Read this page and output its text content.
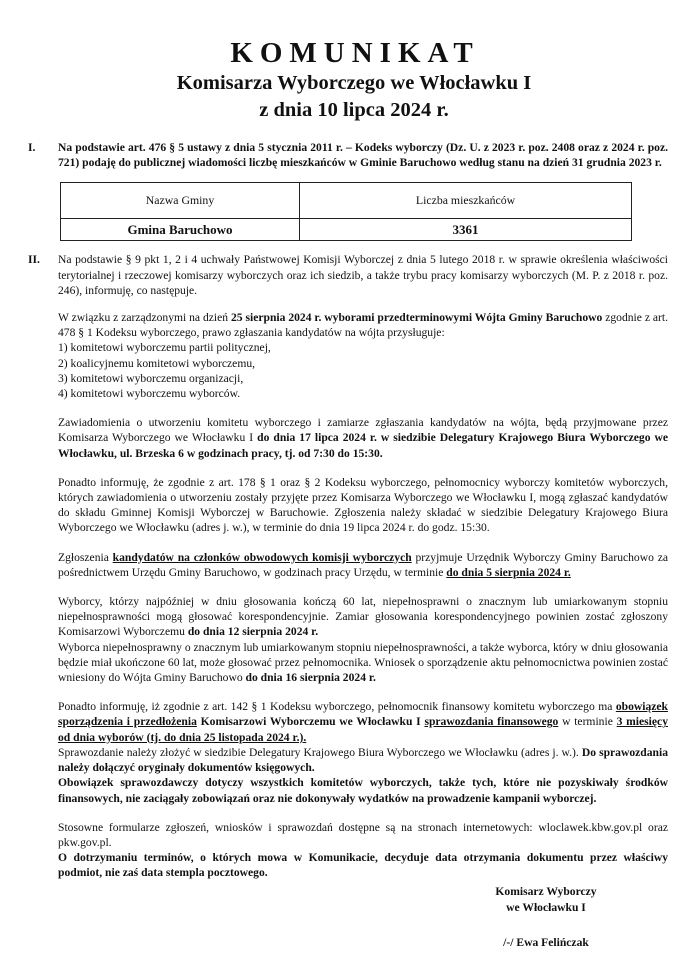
KOMUNIKAT

Komisarza Wyborczego we Włocławku I

z dnia 10 lipca 2024 r.

I.	Na podstawie art. 476 § 5 ustawy z dnia 5 stycznia 2011 r. – Kodeks wyborczy (Dz. U. z 2023 r. poz. 2408 oraz z 2024 r. poz. 721) podaję do publicznej wiadomości liczbę mieszkańców w Gminie Baruchowo według stanu na dzień 31 grudnia 2023 r.
Nazwa Gminy	Liczba mieszkańców
Gmina Baruchowo	3361
II.	Na podstawie § 9 pkt 1, 2 i 4 uchwały Państwowej Komisji Wyborczej z dnia 5 lutego 2018 r. w sprawie określenia właściwości terytorialnej i rzeczowej komisarzy wyborczych oraz ich siedzib, a także trybu pracy komisarzy wyborczych (M. P. z 2018 r. poz. 246), informuję, co następuje.

W związku z zarządzonymi na dzień 25 sierpnia 2024 r. wyborami przedterminowymi Wójta Gminy Baruchowo zgodnie z art. 478 § 1 Kodeksu wyborczego, prawo zgłaszania kandydatów na wójta przysługuje:

1) komitetowi wyborczemu partii politycznej,

2) koalicyjnemu komitetowi wyborczemu,

3) komitetowi wyborczemu organizacji,

4) komitetowi wyborczemu wyborców.

Zawiadomienia o utworzeniu komitetu wyborczego i zamiarze zgłaszania kandydatów na wójta, będą przyjmowane przez Komisarza Wyborczego we Włocławku I do dnia 17 lipca 2024 r. w siedzibie Delegatury Krajowego Biura Wyborczego we Włocławku, ul. Brzeska 6 w godzinach pracy, tj. od 7:30 do 15:30.

Ponadto informuję, że zgodnie z art. 178 § 1 oraz § 2 Kodeksu wyborczego, pełnomocnicy wyborczy komitetów wyborczych, których zawiadomienia o utworzeniu zostały przyjęte przez Komisarza Wyborczego we Włocławku I, mogą zgłaszać kandydatów do składu Gminnej Komisji Wyborczej w Baruchowie. Zgłoszenia należy składać w siedzibie Delegatury Krajowego Biura Wyborczego we Włocławku (adres j. w.), w terminie do dnia 19 lipca 2024 r. do godz. 15:30.

Zgłoszenia kandydatów na członków obwodowych komisji wyborczych przyjmuje Urzędnik Wyborczy Gminy Baruchowo za pośrednictwem Urzędu Gminy Baruchowo, w godzinach pracy Urzędu, w terminie do dnia 5 sierpnia 2024 r.

Wyborcy, którzy najpóźniej w dniu głosowania kończą 60 lat, niepełnosprawni o znacznym lub umiarkowanym stopniu niepełnosprawności mogą głosować korespondencyjnie. Zamiar głosowania korespondencyjnego powinien zostać zgłoszony Komisarzowi Wyborczemu do dnia 12 sierpnia 2024 r.

Wyborca niepełnosprawny o znacznym lub umiarkowanym stopniu niepełnosprawności, a także wyborca, który w dniu głosowania będzie miał ukończone 60 lat, może głosować przez pełnomocnika. Wniosek o sporządzenie aktu pełnomocnictwa powinien zostać wniesiony do Wójta Gminy Baruchowo do dnia 16 sierpnia 2024 r.

Ponadto informuję, iż zgodnie z art. 142 § 1 Kodeksu wyborczego, pełnomocnik finansowy komitetu wyborczego ma obowiązek sporządzenia i przedłożenia Komisarzowi Wyborczemu we Włocławku I sprawozdania finansowego w terminie 3 miesięcy od dnia wyborów (tj. do dnia 25 listopada 2024 r.).

Sprawozdanie należy złożyć w siedzibie Delegatury Krajowego Biura Wyborczego we Włocławku (adres j. w.). Do sprawozdania należy dołączyć oryginały dokumentów księgowych.

Obowiązek sprawozdawczy dotyczy wszystkich komitetów wyborczych, także tych, które nie pozyskiwały środków finansowych, nie zaciągały zobowiązań oraz nie dokonywały wydatków na prowadzenie kampanii wyborczej.

Stosowne formularze zgłoszeń, wniosków i sprawozdań dostępne są na stronach internetowych: wloclawek.kbw.gov.pl oraz pkw.gov.pl.

O dotrzymaniu terminów, o których mowa w Komunikacie, decyduje data otrzymania dokumentu przez właściwy podmiot, nie zaś data stempla pocztowego.

Komisarz Wyborczy
we Włocławku I
/-/ Ewa Felińczak
